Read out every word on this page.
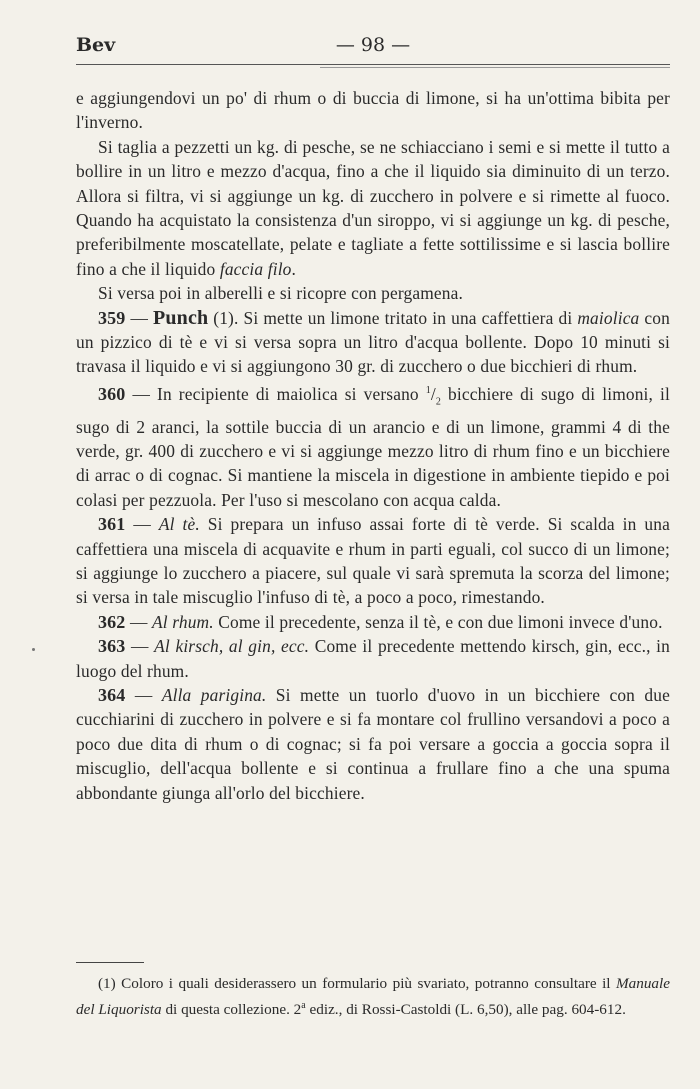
Bev	— 98 —

e aggiungendovi un po' di rhum o di buccia di limone, si ha un'ottima bibita per l'inverno.

Si taglia a pezzetti un kg. di pesche, se ne schiacciano i semi e si mette il tutto a bollire in un litro e mezzo d'acqua, fino a che il liquido sia diminuito di un terzo. Allora si filtra, vi si aggiunge un kg. di zucchero in polvere e si rimette al fuoco. Quando ha acquistato la consistenza d'un siroppo, vi si aggiunge un kg. di pesche, preferibilmente moscatellate, pelate e tagliate a fette sottilissime e si lascia bollire fino a che il liquido faccia filo.

Si versa poi in alberelli e si ricopre con pergamena.

359 — Punch (1). Si mette un limone tritato in una caffettiera di maiolica con un pizzico di tè e vi si versa sopra un litro d'acqua bollente. Dopo 10 minuti si travasa il liquido e vi si aggiungono 30 gr. di zucchero o due bicchieri di rhum.

360 — In recipiente di maiolica si versano $^1/_2$ bicchiere di sugo di limoni, il sugo di 2 aranci, la sottile buccia di un arancio e di un limone, grammi 4 di the verde, gr. 400 di zucchero e vi si aggiunge mezzo litro di rhum fino e un bicchiere di arrac o di cognac. Si mantiene la miscela in digestione in ambiente tiepido e poi colasi per pezzuola. Per l'uso si mescolano con acqua calda.

361 — Al tè. Si prepara un infuso assai forte di tè verde. Si scalda in una caffettiera una miscela di acquavite e rhum in parti eguali, col succo di un limone; si aggiunge lo zucchero a piacere, sul quale vi sarà spremuta la scorza del limone; si versa in tale miscuglio l'infuso di tè, a poco a poco, rimestando.

362 — Al rhum. Come il precedente, senza il tè, e con due limoni invece d'uno.

363 — Al kirsch, al gin, ecc. Come il precedente mettendo kirsch, gin, ecc., in luogo del rhum.

364 — Alla parigina. Si mette un tuorlo d'uovo in un bicchiere con due cucchiarini di zucchero in polvere e si fa montare col frullino versandovi a poco a poco due dita di rhum o di cognac; si fa poi versare a goccia a goccia sopra il miscuglio, dell'acqua bollente e si continua a frullare fino a che una spuma abbondante giunga all'orlo del bicchiere.

(1) Coloro i quali desiderassero un formulario più svariato, potranno consultare il Manuale del Liquorista di questa collezione. 2$^a$ ediz., di Rossi-Castoldi (L. 6,50), alle pag. 604-612.
